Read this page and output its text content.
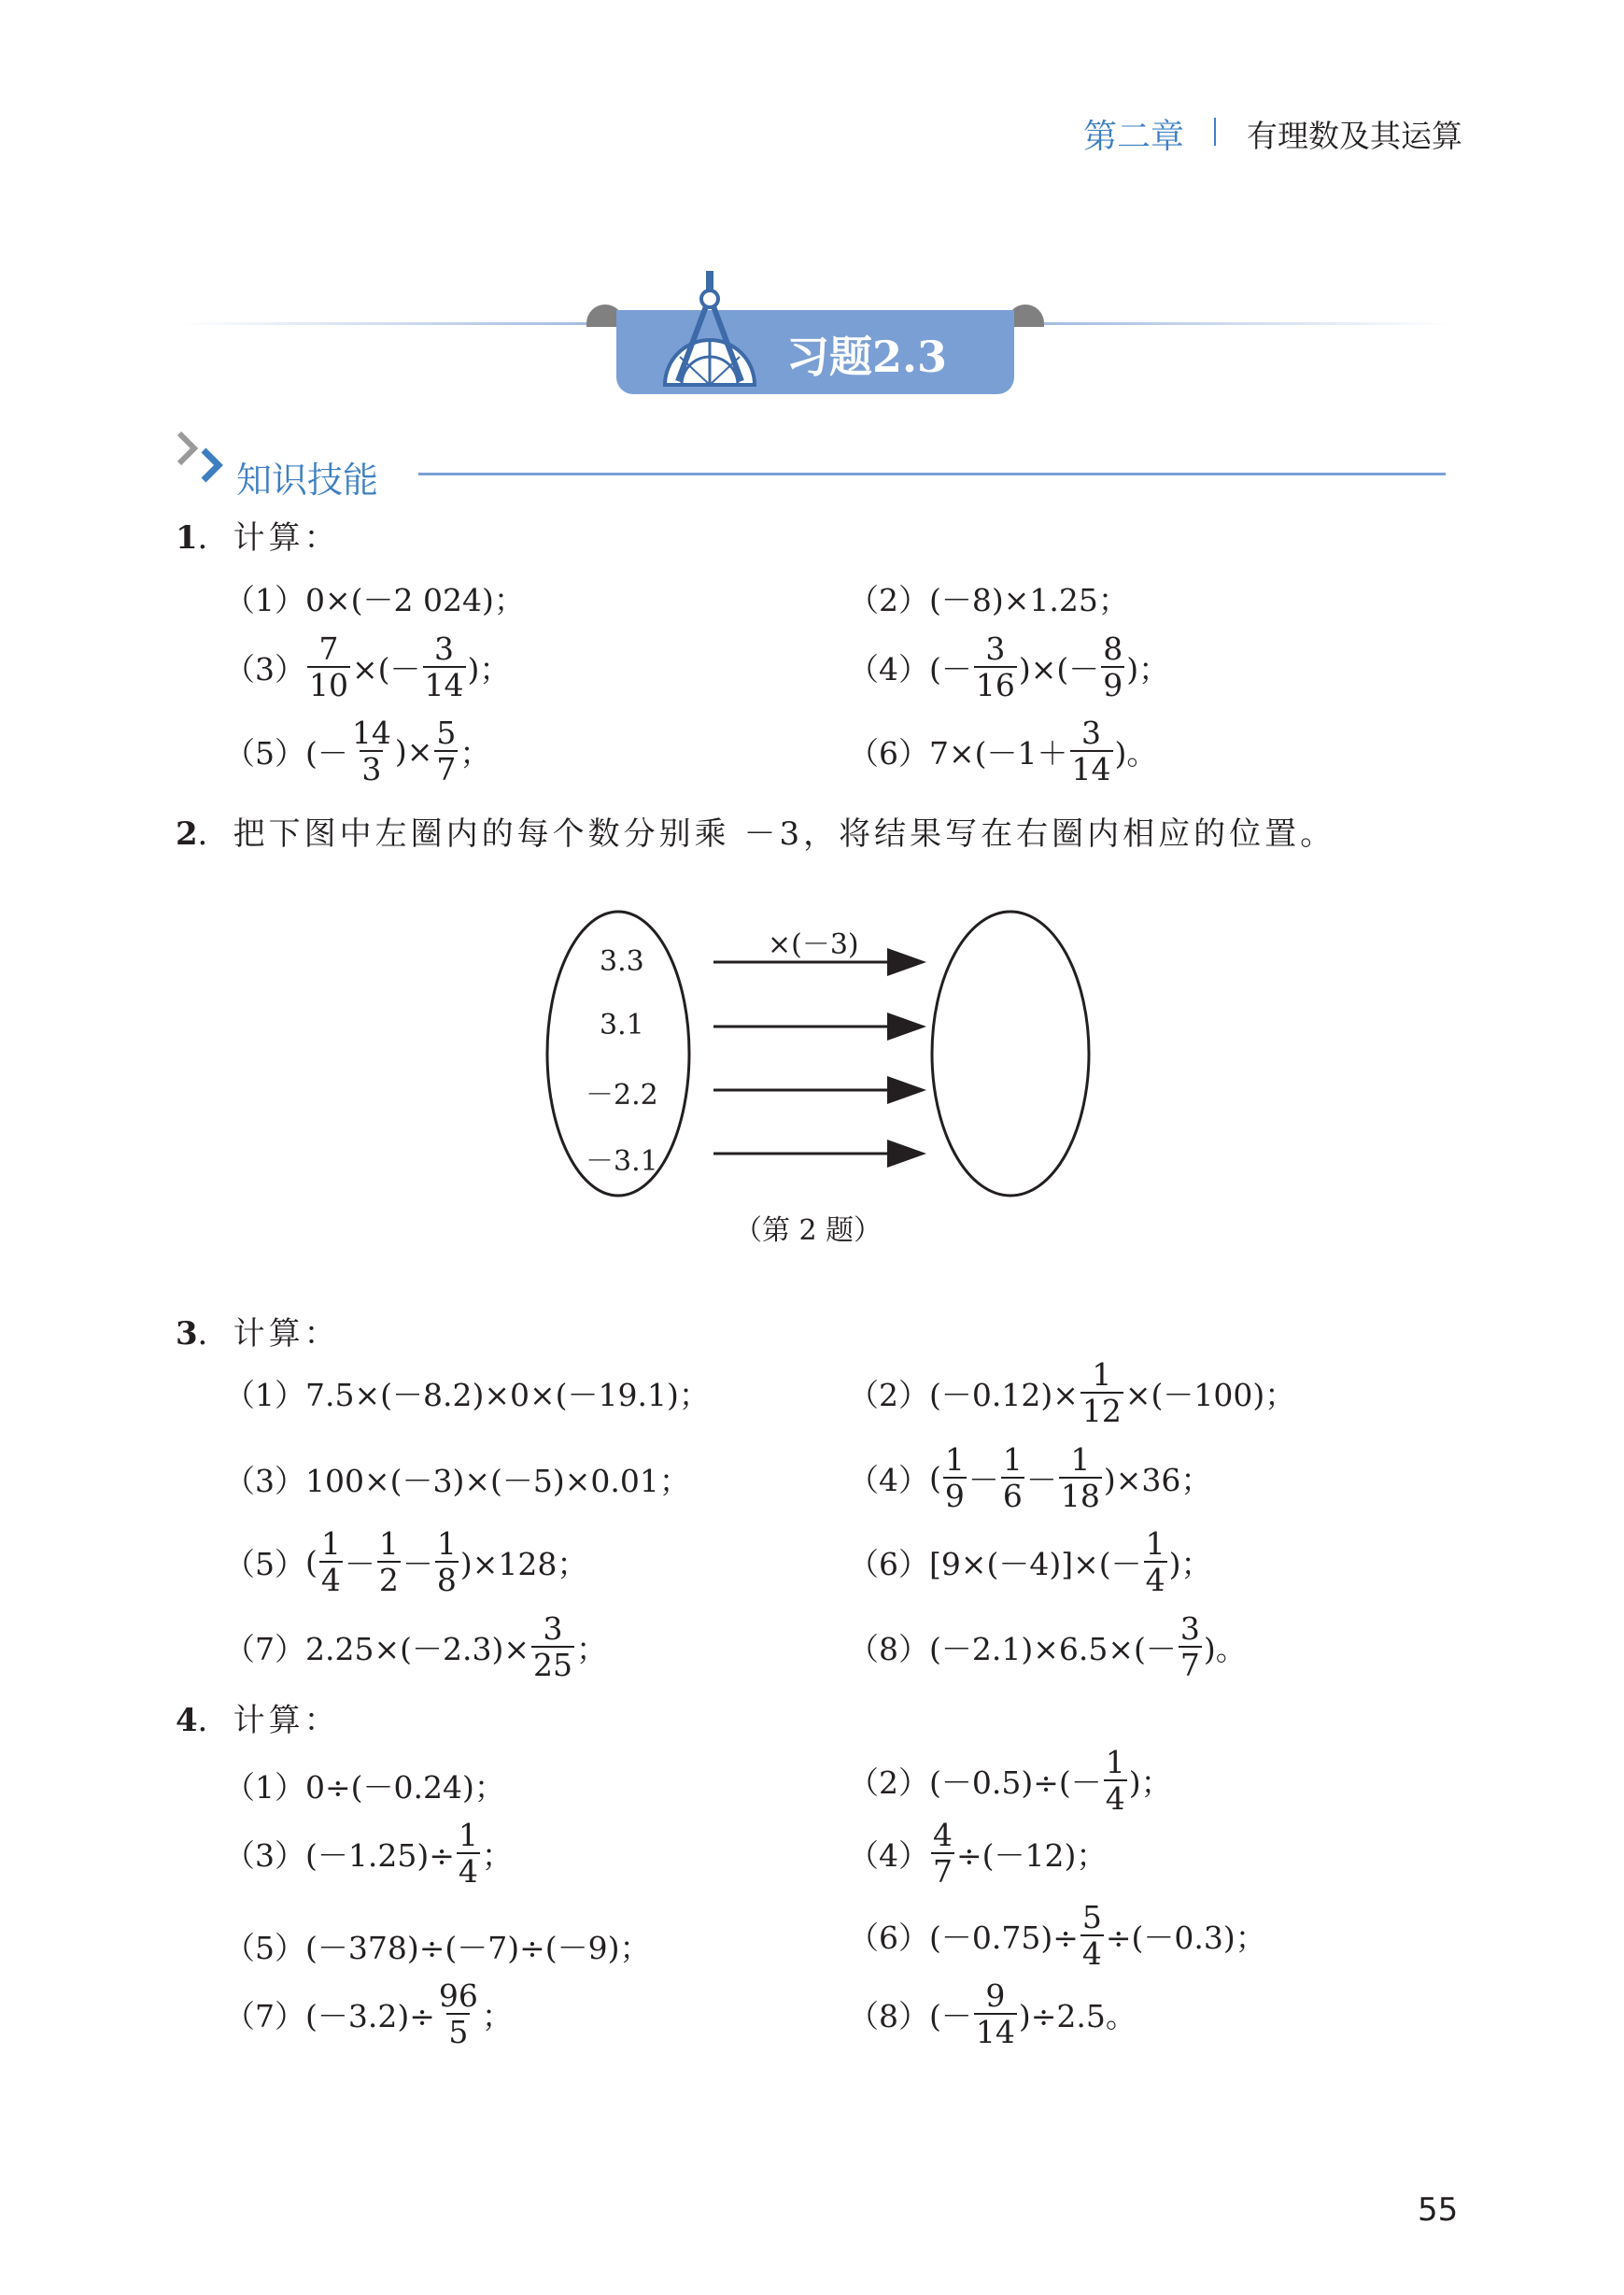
第二章 有理数及其运算
习题2.3
知识技能
1．计算：
（1） 0×(－2 024)；	（2） (－8)×1.25；
$(3) \frac{7}{10}$ ×(－ $\frac{3}{14}$ )；	（4） (－ $\frac{3}{16}$ )×(－ $\frac{8}{9}$ )；
（5） (－ $\frac{14}{3}$ )× $\frac{5}{7}$ ；	（6） $7\times(-1+ \frac{3}{14}$ )。
2．把下图中左圈内的每个数分别乘 －3，将结果写在右圈内相应的位置。
×(－3)
3.3
3.1
－2.2
－3.1
（第 2 题）
3．计算：
（1） 7.5×(－8.2)×0×(－19.1)；	（2） $(-0.12)\times \frac{1}{12} \times(-100)$；
（3） 100×(－3)×(－5)×0.01；	（4） ( $\frac{1}{9} - \frac{1}{6} - \frac{1}{18} )\times 36$；
（5） ( $\frac{1}{4} - \frac{1}{2} - \frac{1}{8} )\times 128$；	（6） $[9\times(-4)]\times(- \frac{1}{4}$ )；
（7） $2.25\times(-2.3)\times \frac{3}{25}$ ；	（8） $(-2.1)\times 6.5\times(- \frac{3}{7}$ )。
4．计算：
（1） 0÷(－0.24)；	（2） $(-0.5)\div(- \frac{1}{4}$ )；
（3） $(-1.25)\div \frac{1}{4}$ ；	$(4) \frac{4}{7} \div(-12)$；
（5） (－378)÷(－7)÷(－9)；	（6） $(-0.75)\div \frac{5}{4} \div(-0.3)$；
（7） $(-3.2)\div \frac{96}{5}$ ；	（8） (－ $\frac{9}{14} )\div 2.5$。
55
